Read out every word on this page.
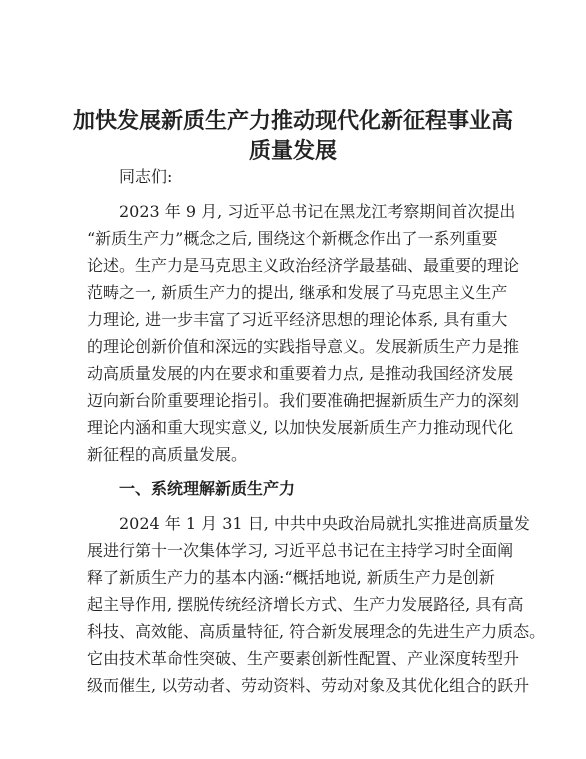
加快发展新质生产力推动现代化新征程事业高
质量发展

同志们:

2023 年 9 月, 习近平总书记在黑龙江考察期间首次提出

“新质生产力”概念之后, 围绕这个新概念作出了一系列重要

论述。生产力是马克思主义政治经济学最基础、最重要的理论

范畴之一, 新质生产力的提出, 继承和发展了马克思主义生产

力理论, 进一步丰富了习近平经济思想的理论体系, 具有重大

的理论创新价值和深远的实践指导意义。发展新质生产力是推

动高质量发展的内在要求和重要着力点, 是推动我国经济发展

迈向新台阶重要理论指引。我们要准确把握新质生产力的深刻

理论内涵和重大现实意义, 以加快发展新质生产力推动现代化

新征程的高质量发展。

一、系统理解新质生产力

2024 年 1 月 31 日, 中共中央政治局就扎实推进高质量发

展进行第十一次集体学习, 习近平总书记在主持学习时全面阐

释了新质生产力的基本内涵:“概括地说, 新质生产力是创新

起主导作用, 摆脱传统经济增长方式、生产力发展路径, 具有高

科技、高效能、高质量特征, 符合新发展理念的先进生产力质态。

它由技术革命性突破、生产要素创新性配置、产业深度转型升

级而催生, 以劳动者、劳动资料、劳动对象及其优化组合的跃升
